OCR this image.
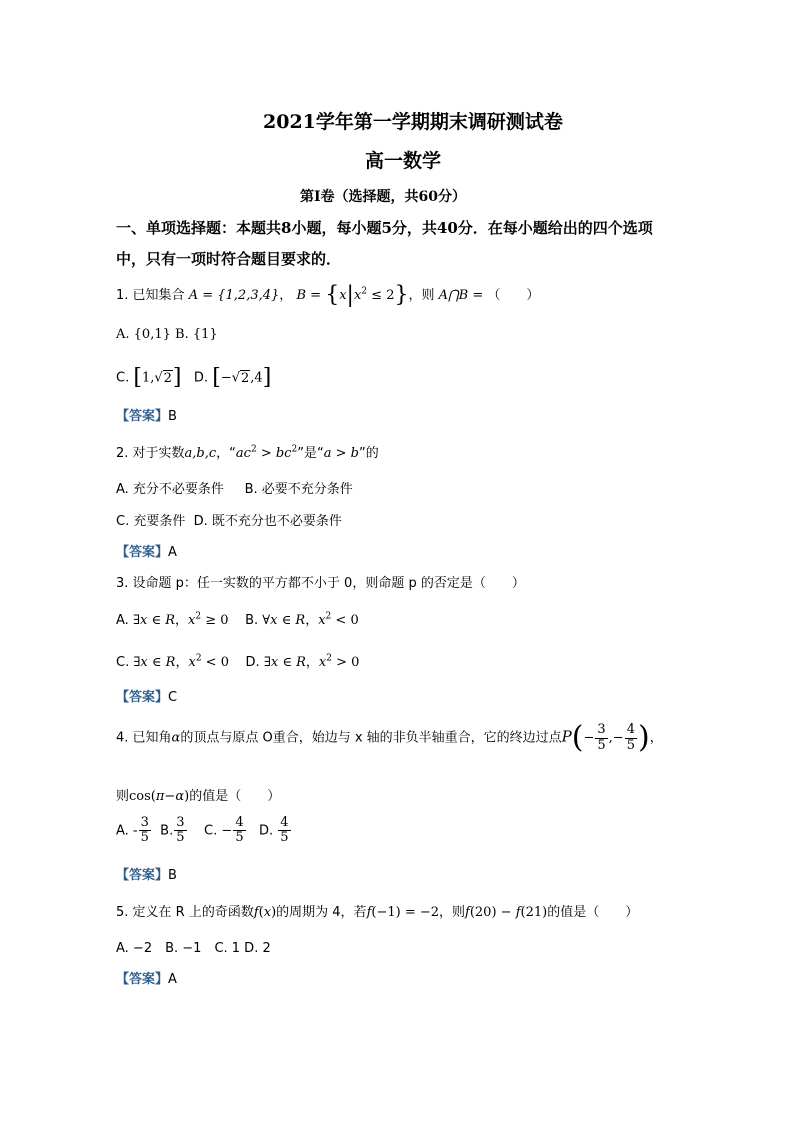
2021学年第一学期期末调研测试卷
高一数学
第Ⅰ卷（选择题，共60分）
一、单项选择题：本题共8小题，每小题5分，共40分．在每小题给出的四个选项
中，只有一项时符合题目要求的．
1. 已知集合 A = {1,2,3,4}， $B = \{x|x^2 \le 2\}$，则 A⋂B = （　　）
A. {0,1} B. {1}
C. [1,√2] D. [−√2,4]
【答案】B
2. 对于实数a,b,c，“$ac^2 > bc^2$”是“a > b”的
A. 充分不必要条件 B. 必要不充分条件
C. 充要条件 D. 既不充分也不必要条件
【答案】A
3. 设命题 p：任一实数的平方都不小于 0，则命题 p 的否定是（　　）
A. ∃x ∈ R，$x^2 \ge 0$ B. ∀x ∈ R，$x^2 < 0$
C. ∃x ∈ R，$x^2 < 0$ D. ∃x ∈ R，$x^2 > 0$
【答案】C
4. 已知角α的顶点与原点 O重合，始边与 x 轴的非负半轴重合，它的终边过点$P(- \frac{3}{5}$ ,− $\frac{4}{5}$ )，
则cos(π−α)的值是（　　）
A. - $\frac{3}{5} B$. $\frac{3}{5} C$. − $\frac{4}{5} D$. $\frac{4}{5}$
【答案】B
5. 定义在 R 上的奇函数f(x)的周期为 4，若f(−1) = −2，则f(20) − f(21)的值是（　　）
A. −2　B. −1　C. 1 D. 2
【答案】A
